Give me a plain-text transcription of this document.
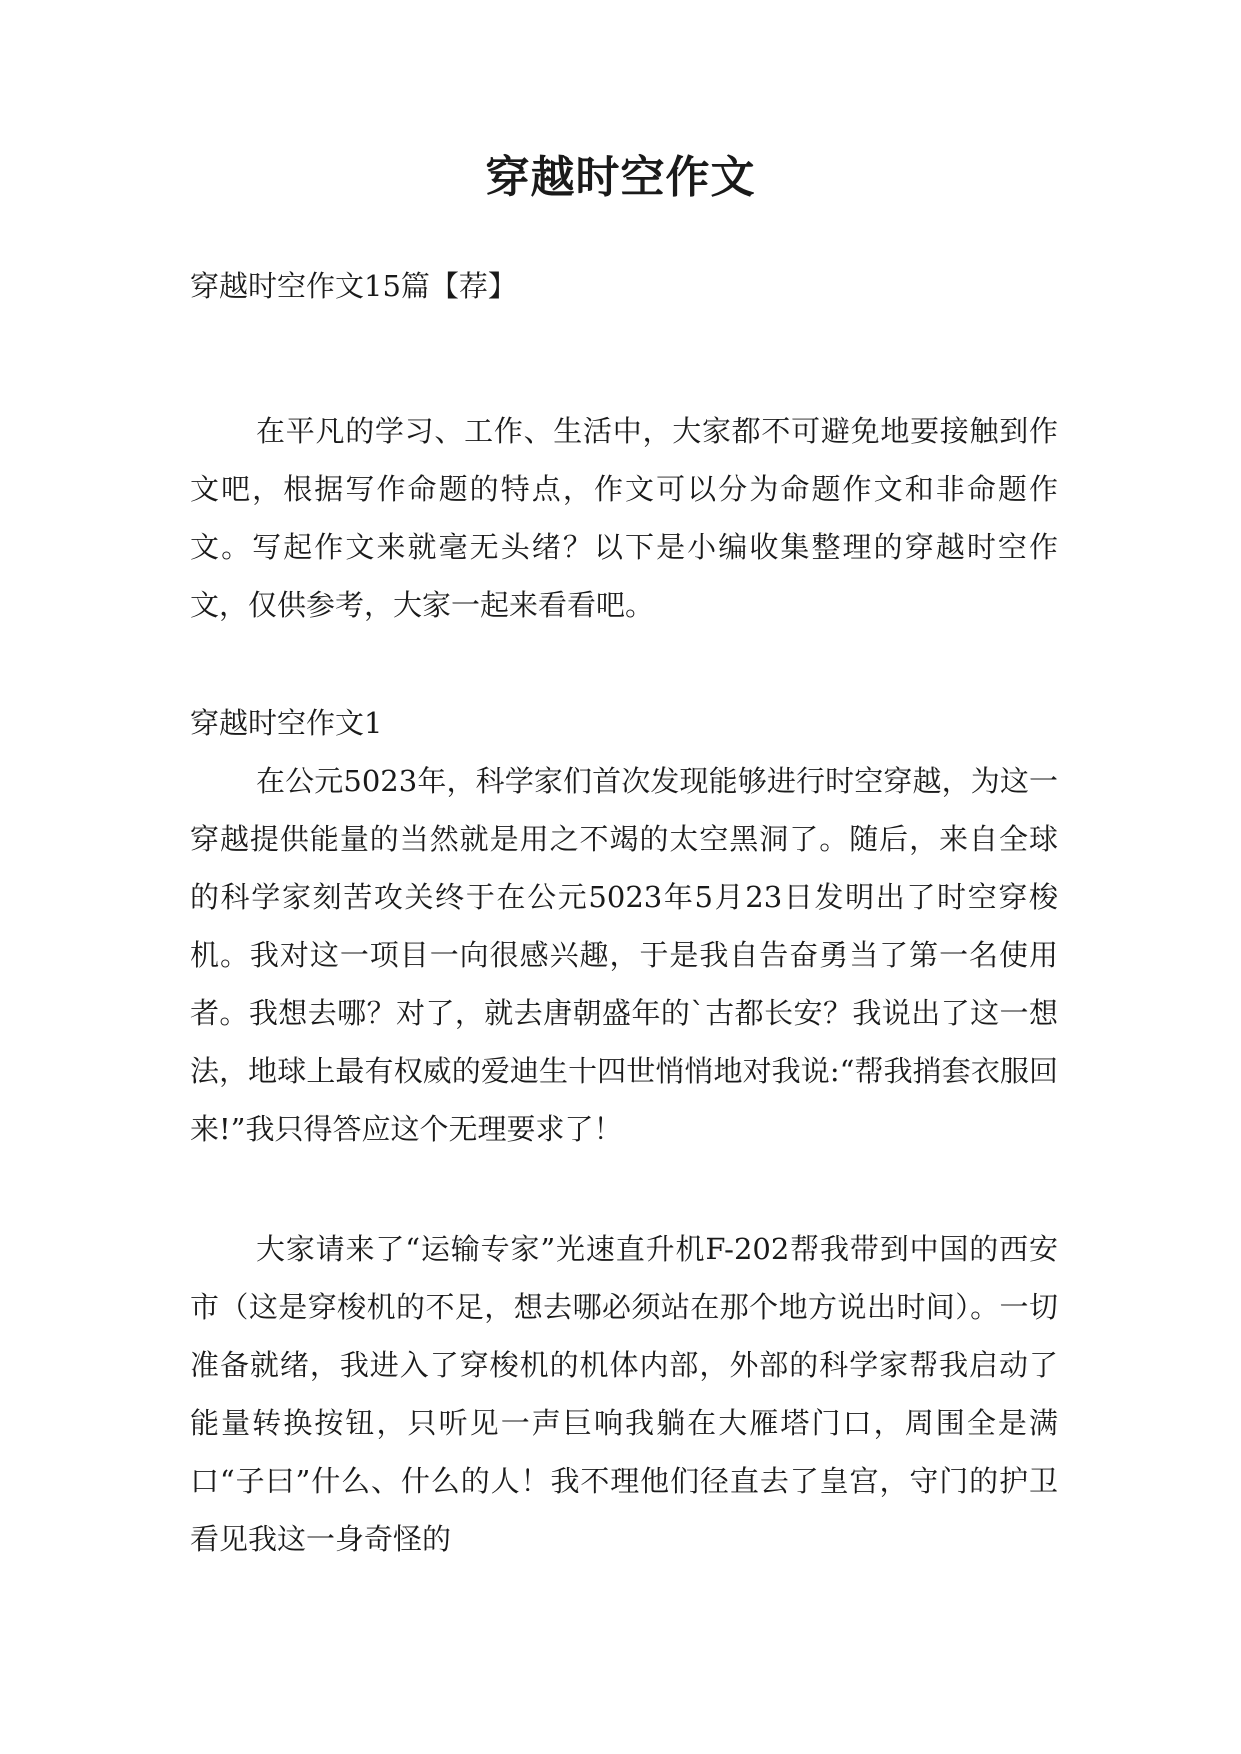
穿越时空作文

穿越时空作文15篇【荐】

在平凡的学习、工作、生活中，大家都不可避免地要接触到作文吧，根据写作命题的特点，作文可以分为命题作文和非命题作文。写起作文来就毫无头绪？以下是小编收集整理的穿越时空作文，仅供参考，大家一起来看看吧。

穿越时空作文1

在公元5023年，科学家们首次发现能够进行时空穿越，为这一穿越提供能量的当然就是用之不竭的太空黑洞了。随后，来自全球的科学家刻苦攻关终于在公元5023年5月23日发明出了时空穿梭机。我对这一项目一向很感兴趣，于是我自告奋勇当了第一名使用者。我想去哪？对了，就去唐朝盛年的`古都长安？我说出了这一想法，地球上最有权威的爱迪生十四世悄悄地对我说:“帮我捎套衣服回来!”我只得答应这个无理要求了！

大家请来了“运输专家”光速直升机F-202帮我带到中国的西安市（这是穿梭机的不足，想去哪必须站在那个地方说出时间）。一切准备就绪，我进入了穿梭机的机体内部，外部的科学家帮我启动了能量转换按钮，只听见一声巨响我躺在大雁塔门口，周围全是满口“子曰”什么、什么的人！我不理他们径直去了皇宫，守门的护卫看见我这一身奇怪的
